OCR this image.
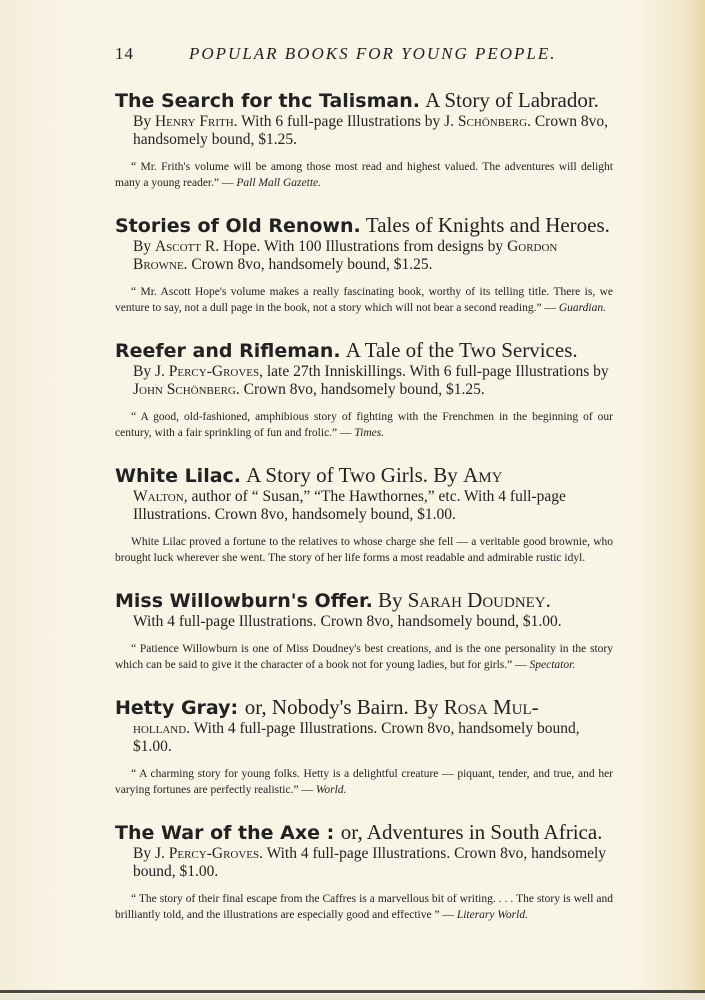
14	POPULAR BOOKS FOR YOUNG PEOPLE.

The Search for thc Talisman. A Story of Labrador.

By Henry Frith. With 6 full-page Illustrations by J. Schönberg. Crown 8vo, handsomely bound, $1.25.

“ Mr. Frith's volume will be among those most read and highest valued. The adventures will delight many a young reader.” — Pall Mall Gazette.

Stories of Old Renown. Tales of Knights and Heroes.

By Ascott R. Hope. With 100 Illustrations from designs by Gordon Browne. Crown 8vo, handsomely bound, $1.25.

“ Mr. Ascott Hope's volume makes a really fascinating book, worthy of its telling title. There is, we venture to say, not a dull page in the book, not a story which will not bear a second reading.” — Guardian.

Reefer and Rifleman. A Tale of the Two Services.

By J. Percy-Groves, late 27th Inniskillings. With 6 full-page Illustrations by John Schönberg. Crown 8vo, handsomely bound, $1.25.

“ A good, old-fashioned, amphibious story of fighting with the Frenchmen in the beginning of our century, with a fair sprinkling of fun and frolic.” — Times.

White Lilac. A Story of Two Girls. By Amy

Walton, author of “ Susan,” “The Hawthornes,” etc. With 4 full-page Illustrations. Crown 8vo, handsomely bound, $1.00.

White Lilac proved a fortune to the relatives to whose charge she fell — a veritable good brownie, who brought luck wherever she went. The story of her life forms a most readable and admirable rustic idyl.

Miss Willowburn's Offer. By Sarah Doudney.

With 4 full-page Illustrations. Crown 8vo, handsomely bound, $1.00.

“ Patience Willowburn is one of Miss Doudney's best creations, and is the one personality in the story which can be said to give it the character of a book not for young ladies, but for girls.” — Spectator.

Hetty Gray: or, Nobody's Bairn. By Rosa Mul-

holland. With 4 full-page Illustrations. Crown 8vo, handsomely bound, $1.00.

“ A charming story for young folks. Hetty is a delightful creature — piquant, tender, and true, and her varying fortunes are perfectly realistic.” — World.

The War of the Axe : or, Adventures in South Africa.

By J. Percy-Groves. With 4 full-page Illustrations. Crown 8vo, handsomely bound, $1.00.

“ The story of their final escape from the Caffres is a marvellous bit of writing. . . . The story is well and brilliantly told, and the illustrations are especially good and effective ” — Literary World.
